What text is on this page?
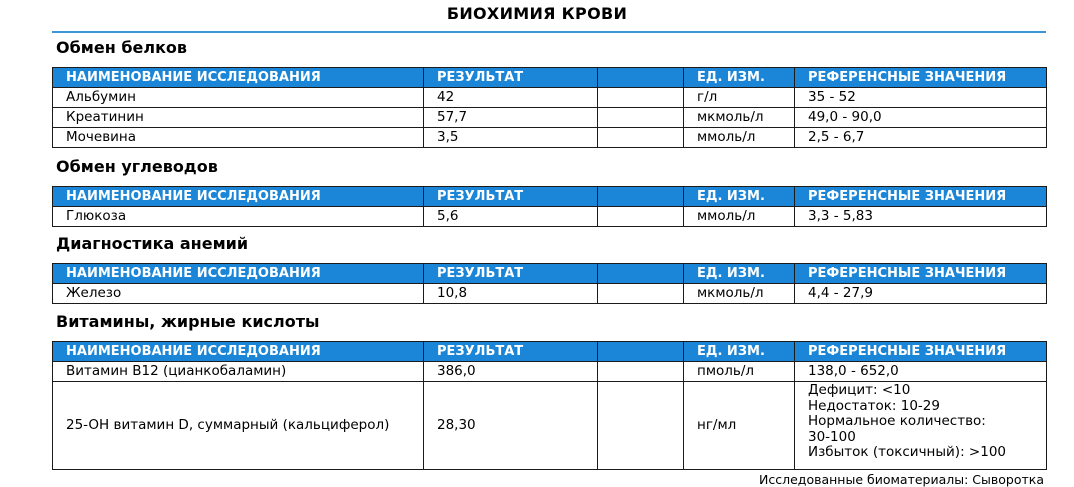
БИОХИМИЯ КРОВИ
Обмен белков
НАИМЕНОВАНИЕ ИССЛЕДОВАНИЯ	РЕЗУЛЬТАТ		ЕД. ИЗМ.	РЕФЕРЕНСНЫЕ ЗНАЧЕНИЯ
Альбумин	42		г/л	35 - 52
Креатинин	57,7		мкмоль/л	49,0 - 90,0
Мочевина	3,5		ммоль/л	2,5 - 6,7
Обмен углеводов
НАИМЕНОВАНИЕ ИССЛЕДОВАНИЯ	РЕЗУЛЬТАТ		ЕД. ИЗМ.	РЕФЕРЕНСНЫЕ ЗНАЧЕНИЯ
Глюкоза	5,6		ммоль/л	3,3 - 5,83
Диагностика анемий
НАИМЕНОВАНИЕ ИССЛЕДОВАНИЯ	РЕЗУЛЬТАТ		ЕД. ИЗМ.	РЕФЕРЕНСНЫЕ ЗНАЧЕНИЯ
Железо	10,8		мкмоль/л	4,4 - 27,9
Витамины, жирные кислоты
НАИМЕНОВАНИЕ ИССЛЕДОВАНИЯ	РЕЗУЛЬТАТ		ЕД. ИЗМ.	РЕФЕРЕНСНЫЕ ЗНАЧЕНИЯ
Витамин B12 (цианкобаламин)	386,0		пмоль/л	138,0 - 652,0
25-OH витамин D, суммарный (кальциферол)	28,30		нг/мл	Дефицит: <10
Недостаток: 10-29
Нормальное количество:
30-100
Избыток (токсичный): >100
Исследованные биоматериалы: Сыворотка
